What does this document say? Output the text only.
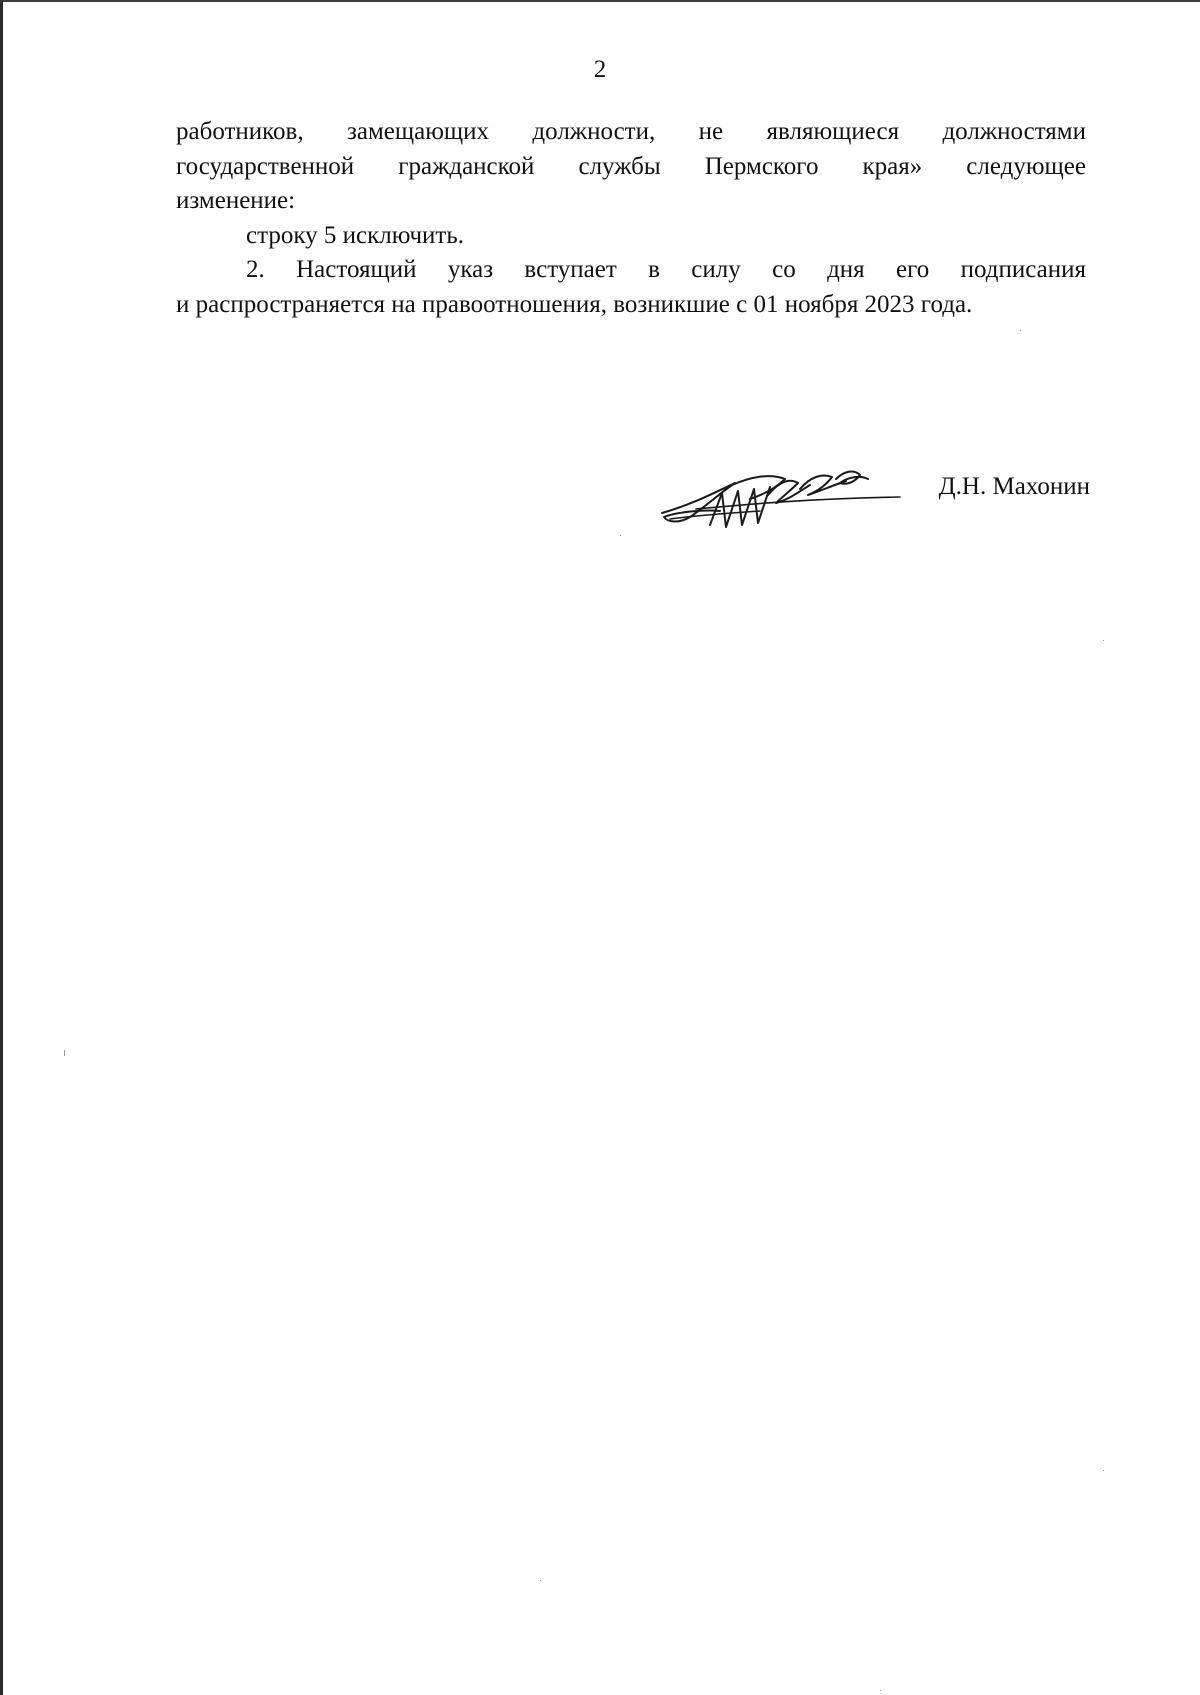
2

работников, замещающих должности, не являющиеся должностями
государственной гражданской службы Пермского края» следующее
изменение:

строку 5 исключить.

2. Настоящий указ вступает в силу со дня его подписания
и распространяется на правоотношения, возникшие с 01 ноября 2023 года.

Д.Н. Махонин
